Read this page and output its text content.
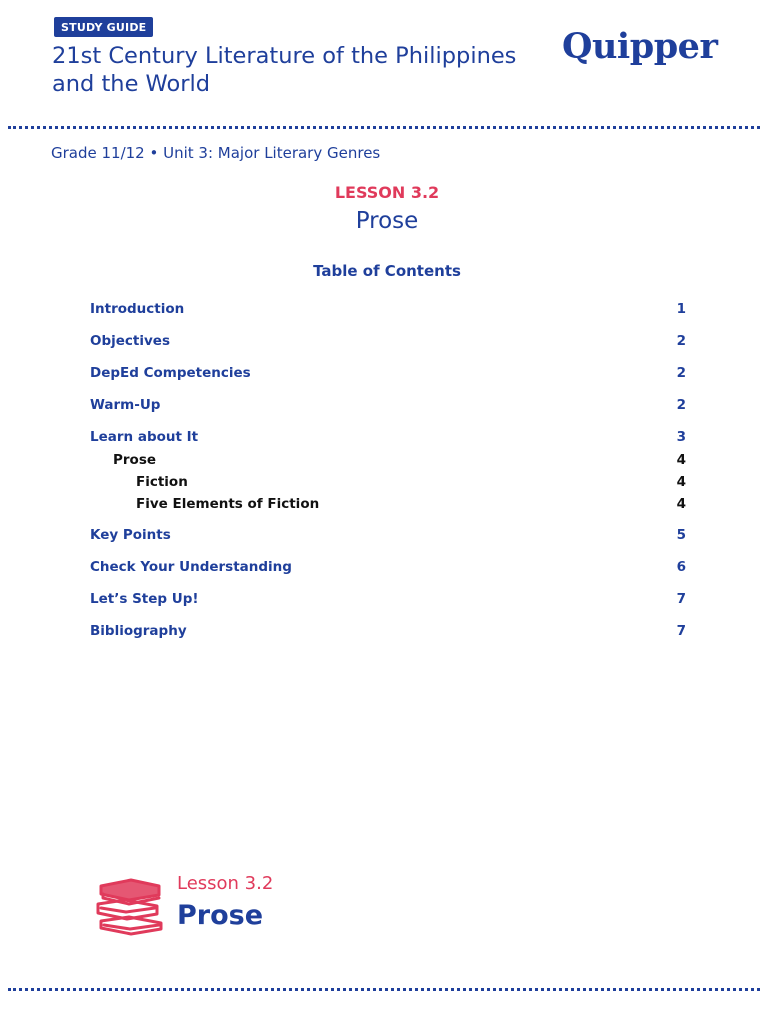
STUDY GUIDE
21st Century Literature of the Philippines
and the World
Quipper
Grade 11/12 • Unit 3: Major Literary Genres
LESSON 3.2
Prose
Table of Contents
Introduction	1
Objectives	2
DepEd Competencies	2
Warm-Up	2
Learn about It	3
Prose	4
Fiction	4
Five Elements of Fiction	4
Key Points	5
Check Your Understanding	6
Let’s Step Up!	7
Bibliography	7
Lesson 3.2
Prose
